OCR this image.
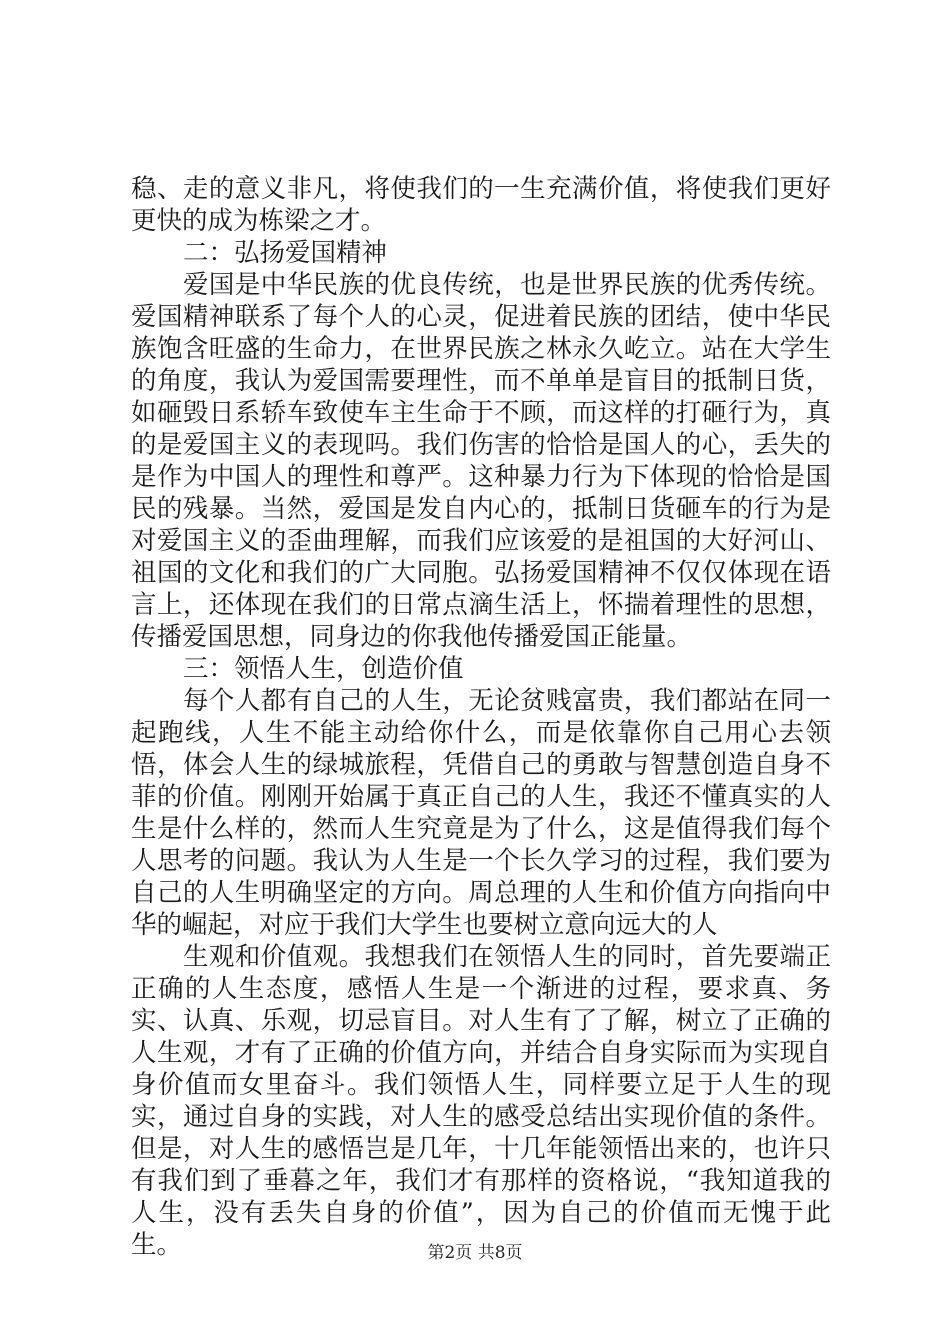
稳、走的意义非凡，将使我们的一生充满价值，将使我们更好更快的成为栋梁之才。

二：弘扬爱国精神

爱国是中华民族的优良传统，也是世界民族的优秀传统。爱国精神联系了每个人的心灵，促进着民族的团结，使中华民族饱含旺盛的生命力，在世界民族之林永久屹立。站在大学生的角度，我认为爱国需要理性，而不单单是盲目的抵制日货，如砸毁日系轿车致使车主生命于不顾，而这样的打砸行为，真的是爱国主义的表现吗。我们伤害的恰恰是国人的心，丢失的是作为中国人的理性和尊严。这种暴力行为下体现的恰恰是国民的残暴。当然，爱国是发自内心的，抵制日货砸车的行为是对爱国主义的歪曲理解，而我们应该爱的是祖国的大好河山、祖国的文化和我们的广大同胞。弘扬爱国精神不仅仅体现在语言上，还体现在我们的日常点滴生活上，怀揣着理性的思想，传播爱国思想，同身边的你我他传播爱国正能量。

三：领悟人生，创造价值

每个人都有自己的人生，无论贫贱富贵，我们都站在同一起跑线，人生不能主动给你什么，而是依靠你自己用心去领悟，体会人生的绿城旅程，凭借自己的勇敢与智慧创造自身不菲的价值。刚刚开始属于真正自己的人生，我还不懂真实的人生是什么样的，然而人生究竟是为了什么，这是值得我们每个人思考的问题。我认为人生是一个长久学习的过程，我们要为自己的人生明确坚定的方向。周总理的人生和价值方向指向中华的崛起，对应于我们大学生也要树立意向远大的人

生观和价值观。我想我们在领悟人生的同时，首先要端正正确的人生态度，感悟人生是一个渐进的过程，要求真、务实、认真、乐观，切忌盲目。对人生有了了解，树立了正确的人生观，才有了正确的价值方向，并结合自身实际而为实现自身价值而女里奋斗。我们领悟人生，同样要立足于人生的现实，通过自身的实践，对人生的感受总结出实现价值的条件。但是，对人生的感悟岂是几年，十几年能领悟出来的，也许只有我们到了垂暮之年，我们才有那样的资格说，“我知道我的人生，没有丢失自身的价值”，因为自己的价值而无愧于此生。	第2页 共8页
